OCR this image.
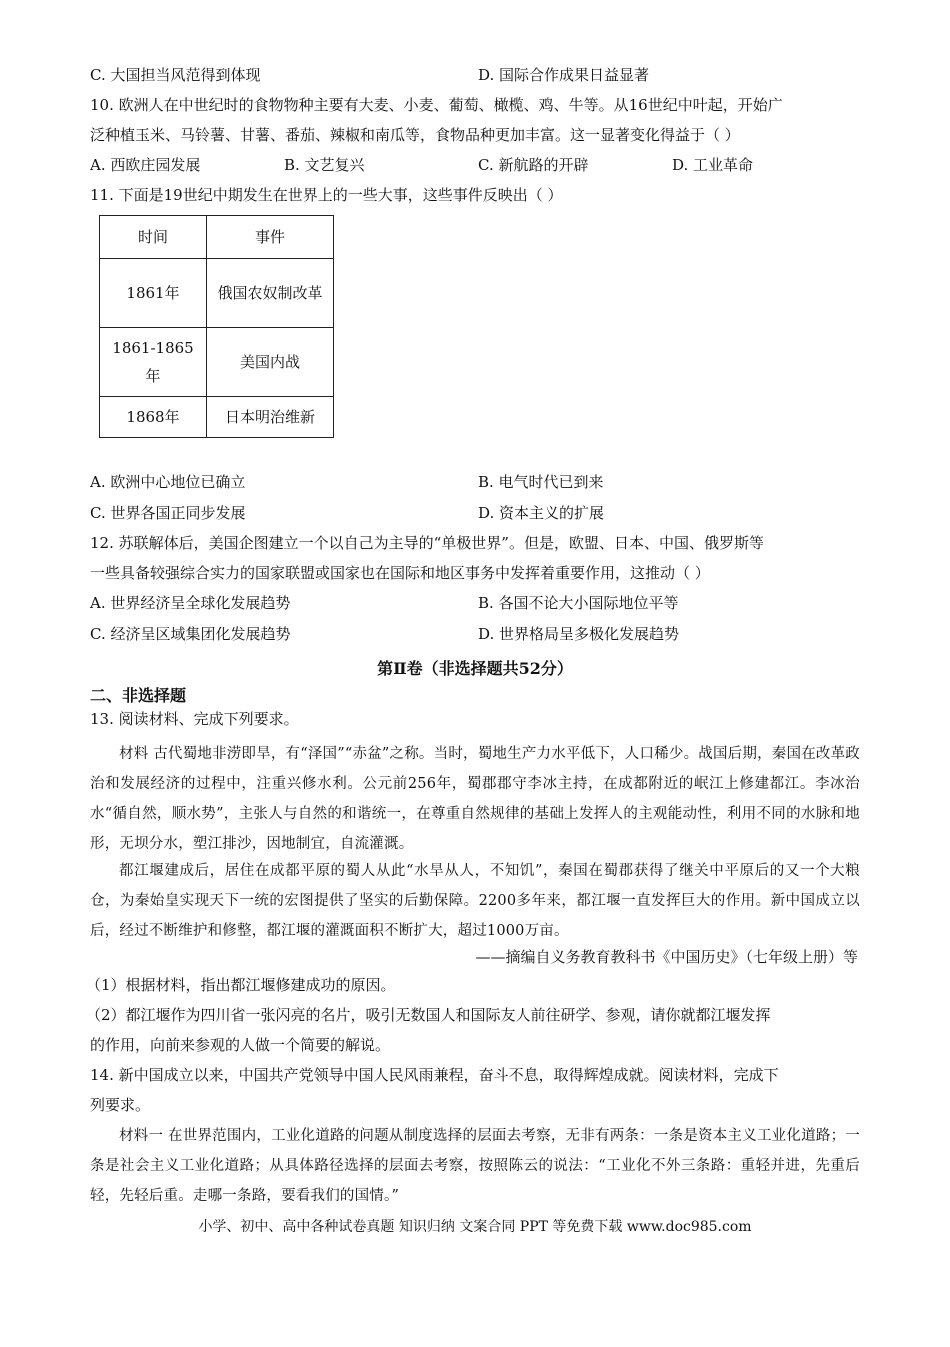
C. 大国担当风范得到体现	D. 国际合作成果日益显著
10. 欧洲人在中世纪时的食物物种主要有大麦、小麦、葡萄、橄榄、鸡、牛等。从16世纪中叶起，开始广
泛种植玉米、马铃薯、甘薯、番茄、辣椒和南瓜等，食物品种更加丰富。这一显著变化得益于（ ）
A. 西欧庄园发展	B. 文艺复兴	C. 新航路的开辟	D. 工业革命
11. 下面是19世纪中期发生在世界上的一些大事，这些事件反映出（ ）
时间	事件
1861年	俄国农奴制改革
1861-1865年	美国内战
1868年	日本明治维新
A. 欧洲中心地位已确立	B. 电气时代已到来
C. 世界各国正同步发展	D. 资本主义的扩展
12. 苏联解体后，美国企图建立一个以自己为主导的“单极世界”。但是，欧盟、日本、中国、俄罗斯等
一些具备较强综合实力的国家联盟或国家也在国际和地区事务中发挥着重要作用，这推动（ ）
A. 世界经济呈全球化发展趋势	B. 各国不论大小国际地位平等
C. 经济呈区域集团化发展趋势	D. 世界格局呈多极化发展趋势
第Ⅱ卷（非选择题共52分）
二、非选择题
13. 阅读材料、完成下列要求。
材料 古代蜀地非涝即旱，有“泽国”“赤盆”之称。当时，蜀地生产力水平低下，人口稀少。战国后期，秦国在改革政治和发展经济的过程中，注重兴修水利。公元前256年，蜀郡郡守李冰主持，在成都附近的岷江上修建都江。李冰治水“循自然，顺水势”，主张人与自然的和谐统一，在尊重自然规律的基础上发挥人的主观能动性，利用不同的水脉和地形，无坝分水，塑江排沙，因地制宜，自流灌溉。
都江堰建成后，居住在成都平原的蜀人从此“水旱从人，不知饥”，秦国在蜀郡获得了继关中平原后的又一个大粮仓，为秦始皇实现天下一统的宏图提供了坚实的后勤保障。2200多年来，都江堰一直发挥巨大的作用。新中国成立以后，经过不断维护和修整，都江堰的灌溉面积不断扩大，超过1000万亩。
——摘编自义务教育教科书《中国历史》（七年级上册）等
（1）根据材料，指出都江堰修建成功的原因。
（2）都江堰作为四川省一张闪亮的名片，吸引无数国人和国际友人前往研学、参观，请你就都江堰发挥
的作用，向前来参观的人做一个简要的解说。
14. 新中国成立以来，中国共产党领导中国人民风雨兼程，奋斗不息，取得辉煌成就。阅读材料，完成下
列要求。
材料一 在世界范围内，工业化道路的问题从制度选择的层面去考察，无非有两条：一条是资本主义工业化道路；一条是社会主义工业化道路；从具体路径选择的层面去考察，按照陈云的说法：“工业化不外三条路：重轻并进，先重后轻，先轻后重。走哪一条路，要看我们的国情。”
小学、初中、高中各种试卷真题 知识归纳 文案合同 PPT 等免费下载 www.doc985.com
